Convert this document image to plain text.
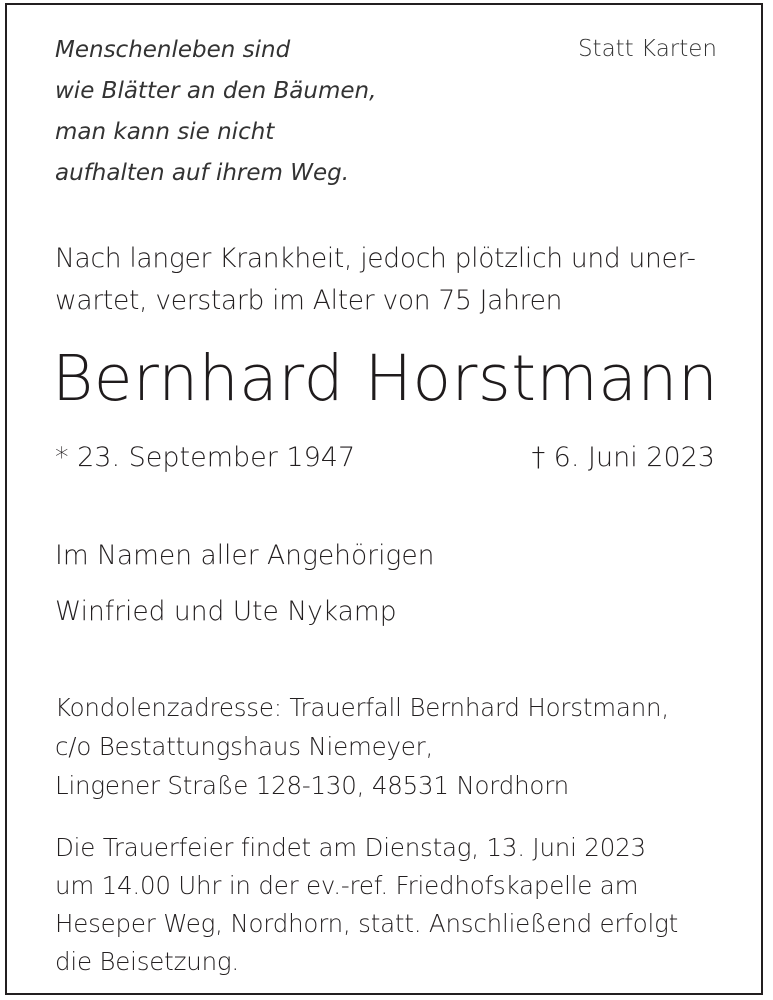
Menschenleben sind
wie Blätter an den Bäumen,
man kann sie nicht
aufhalten auf ihrem Weg.
Statt Karten
Nach langer Krankheit, jedoch plötzlich und uner-
wartet, verstarb im Alter von 75 Jahren
Bernhard Horstmann
* 23. September 1947	† 6. Juni 2023
Im Namen aller Angehörigen
Winfried und Ute Nykamp
Kondolenzadresse: Trauerfall Bernhard Horstmann,
c/o Bestattungshaus Niemeyer,
Lingener Straße 128-130, 48531 Nordhorn
Die Trauerfeier findet am Dienstag, 13. Juni 2023
um 14.00 Uhr in der ev.-ref. Friedhofskapelle am
Heseper Weg, Nordhorn, statt. Anschließend erfolgt
die Beisetzung.
